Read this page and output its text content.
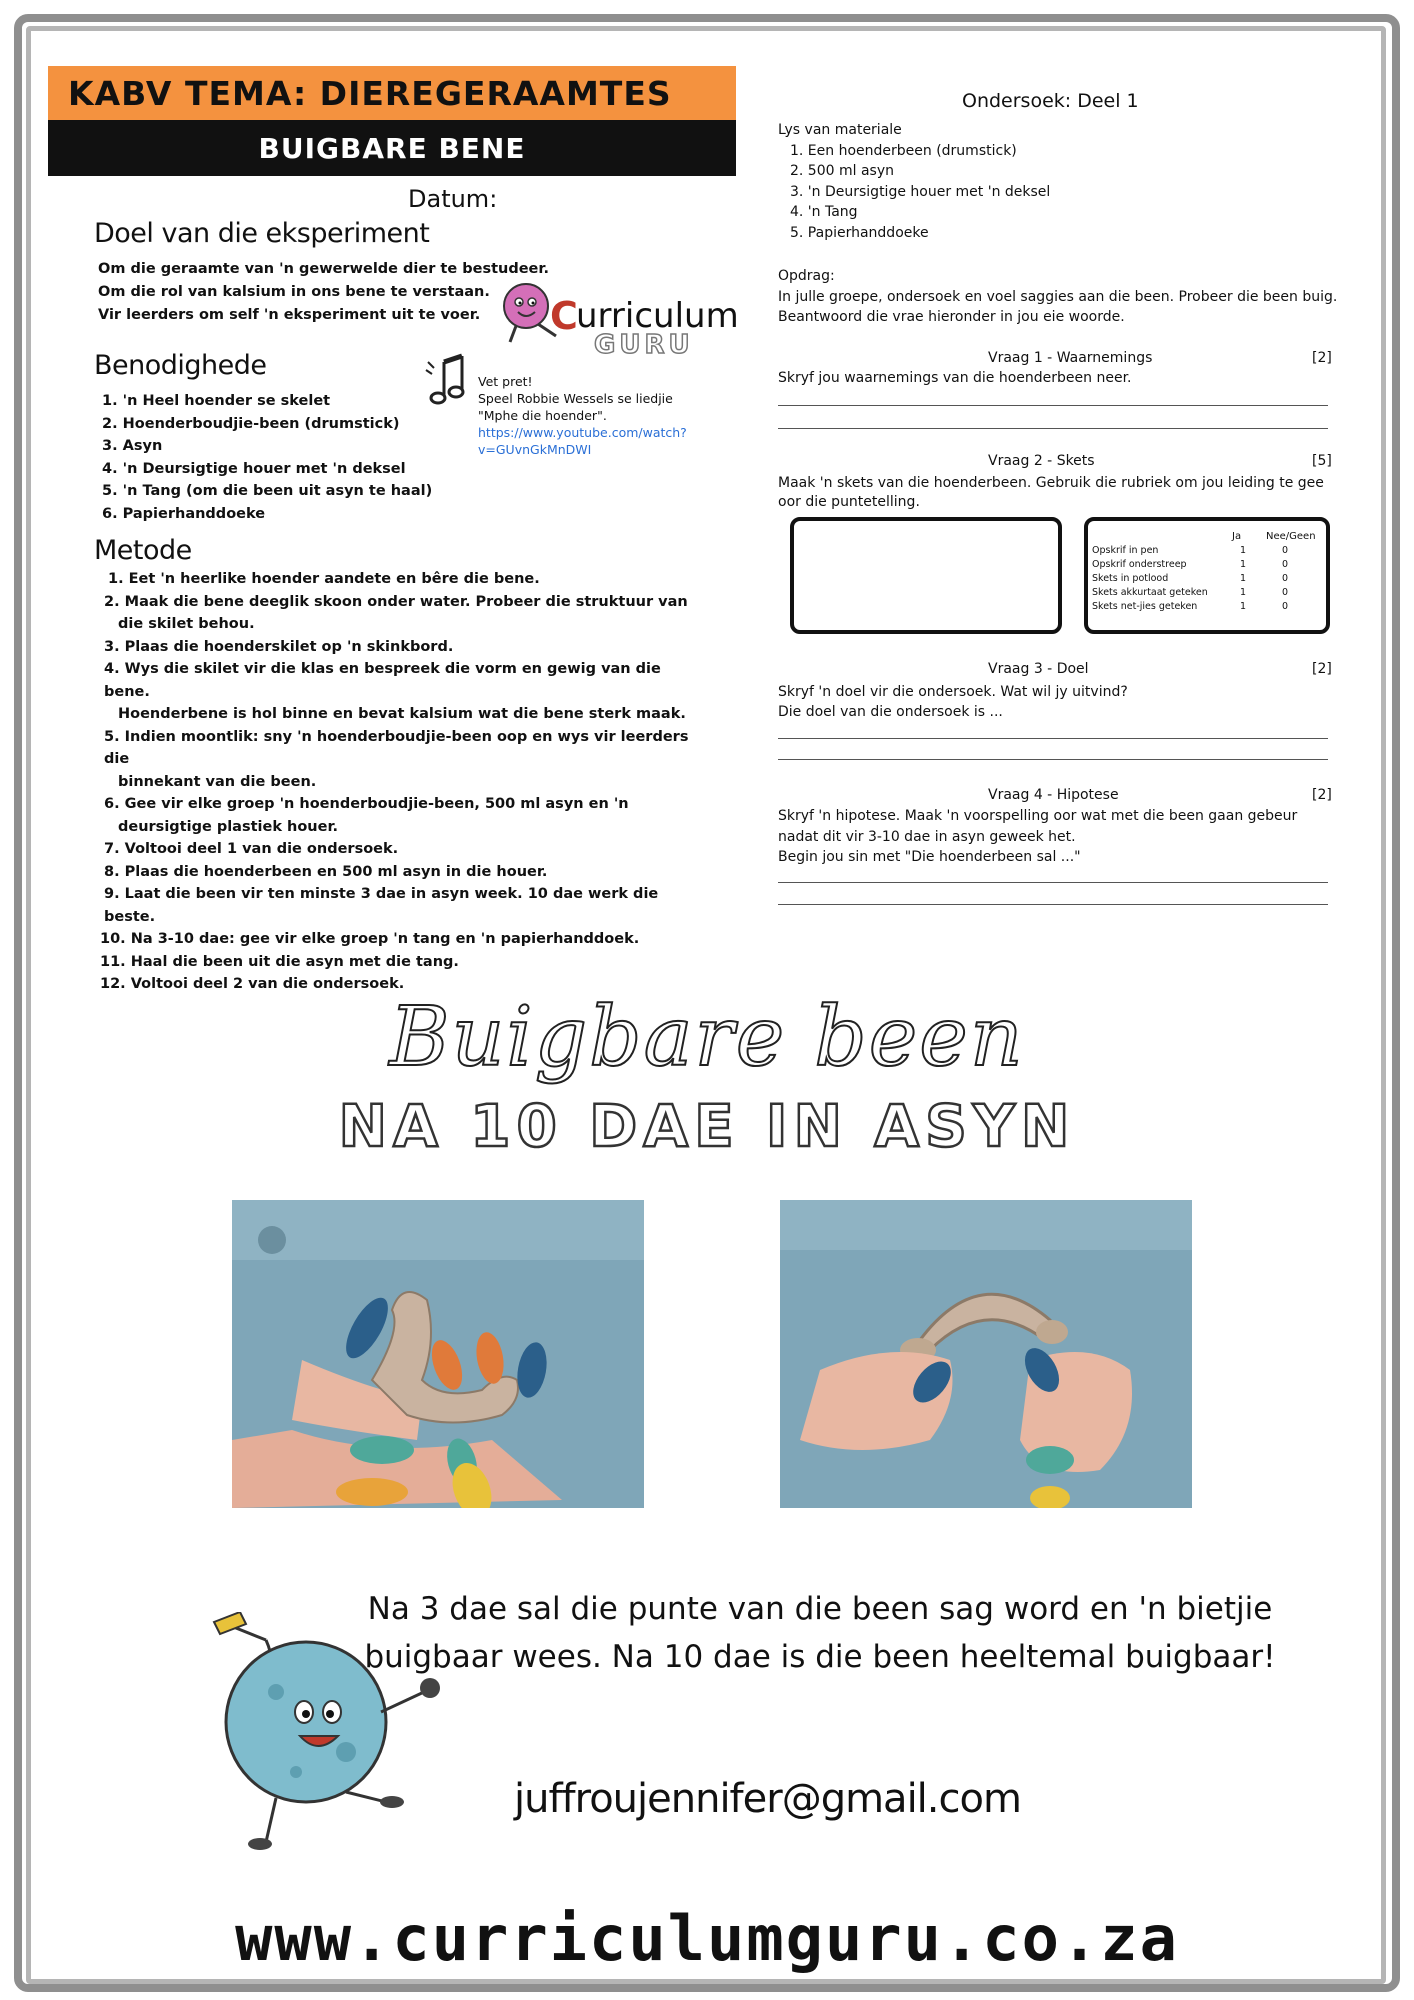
KABV TEMA: DIEREGERAAMTES
BUIGBARE BENE
Datum:
Doel van die eksperiment
Om die geraamte van 'n gewerwelde dier te bestudeer.
Om die rol van kalsium in ons bene te verstaan.
Vir leerders om self 'n eksperiment uit te voer.	C
urriculum
GURU
Benodighede
1. 'n Heel hoender se skelet
2. Hoenderboudjie-been (drumstick)
3. Asyn
4. 'n Deursigtige houer met 'n deksel
5. 'n Tang (om die been uit asyn te haal)
6. Papierhanddoeke
Vet pret!
Speel Robbie Wessels se liedjie
"Mphe die hoender".
https://www.youtube.com/watch?
v=GUvnGkMnDWI
Metode
1. Eet 'n heerlike hoender aandete en bêre die bene.
2. Maak die bene deeglik skoon onder water. Probeer die struktuur van
die skilet behou.
3. Plaas die hoenderskilet op 'n skinkbord.
4. Wys die skilet vir die klas en bespreek die vorm en gewig van die bene.
Hoenderbene is hol binne en bevat kalsium wat die bene sterk maak.
5. Indien moontlik: sny 'n hoenderboudjie-been oop en wys vir leerders die
binnekant van die been.
6. Gee vir elke groep 'n hoenderboudjie-been, 500 ml asyn en 'n
deursigtige plastiek houer.
7. Voltooi deel 1 van die ondersoek.
8. Plaas die hoenderbeen en 500 ml asyn in die houer.
9. Laat die been vir ten minste 3 dae in asyn week. 10 dae werk die beste.
10. Na 3-10 dae: gee vir elke groep 'n tang en 'n papierhanddoek.
11. Haal die been uit die asyn met die tang.
12. Voltooi deel 2 van die ondersoek.
Ondersoek: Deel 1
Lys van materiale
1. Een hoenderbeen (drumstick)
2. 500 ml asyn
3. 'n Deursigtige houer met 'n deksel
4. 'n Tang
5. Papierhanddoeke
Opdrag:
In julle groepe, ondersoek en voel saggies aan die been. Probeer die been buig.
Beantwoord die vrae hieronder in jou eie woorde.
Vraag 1 - Waarnemings	[2]
Skryf jou waarnemings van die hoenderbeen neer.
Vraag 2 - Skets	[5]
Maak 'n skets van die hoenderbeen. Gebruik die rubriek om jou leiding te gee
oor die puntetelling.
Ja Nee/Geen
Opskrif in pen	1	0
Opskrif onderstreep	1	0
Skets in potlood	1	0
Skets akkurtaat geteken	1	0
Skets net-jies geteken	1	0
Vraag 3 - Doel	[2]
Skryf 'n doel vir die ondersoek. Wat wil jy uitvind?
Die doel van die ondersoek is ...
Vraag 4 - Hipotese	[2]
Skryf 'n hipotese. Maak 'n voorspelling oor wat met die been gaan gebeur
nadat dit vir 3-10 dae in asyn geweek het.
Begin jou sin met "Die hoenderbeen sal ..."
Buigbare been
NA 10 DAE IN ASYN
Na 3 dae sal die punte van die been sag word en 'n bietjie
buigbaar wees. Na 10 dae is die been heeltemal buigbaar!
juffroujennifer@gmail.com
www.curriculumguru.co.za
